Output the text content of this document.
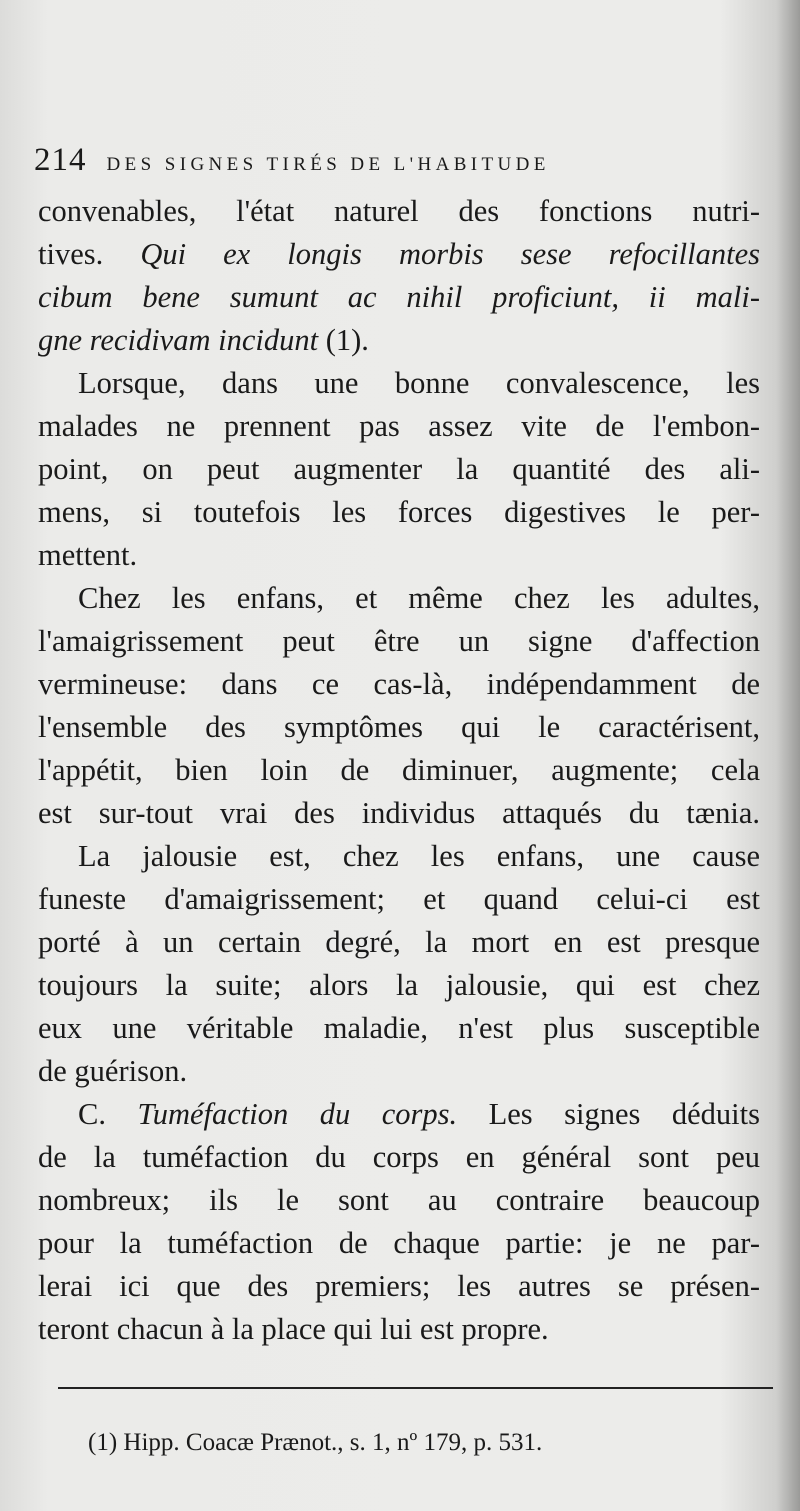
214 DES SIGNES TIRÉS DE L'HABITUDE
convenables, l'état naturel des fonctions nutri-
tives. Qui ex longis morbis sese refocillantes
cibum bene sumunt ac nihil proficiunt, ii mali-
gne recidivam incidunt (1).
Lorsque, dans une bonne convalescence, les
malades ne prennent pas assez vite de l'embon-
point, on peut augmenter la quantité des ali-
mens, si toutefois les forces digestives le per-
mettent.
Chez les enfans, et même chez les adultes,
l'amaigrissement peut être un signe d'affection
vermineuse: dans ce cas-là, indépendamment de
l'ensemble des symptômes qui le caractérisent,
l'appétit, bien loin de diminuer, augmente; cela
est sur-tout vrai des individus attaqués du tænia.
La jalousie est, chez les enfans, une cause
funeste d'amaigrissement; et quand celui-ci est
porté à un certain degré, la mort en est presque
toujours la suite; alors la jalousie, qui est chez
eux une véritable maladie, n'est plus susceptible
de guérison.
C. Tuméfaction du corps. Les signes déduits
de la tuméfaction du corps en général sont peu
nombreux; ils le sont au contraire beaucoup
pour la tuméfaction de chaque partie: je ne par-
lerai ici que des premiers; les autres se présen-
teront chacun à la place qui lui est propre.
(1) Hipp. Coacæ Prænot., s. 1, nº 179, p. 531.
